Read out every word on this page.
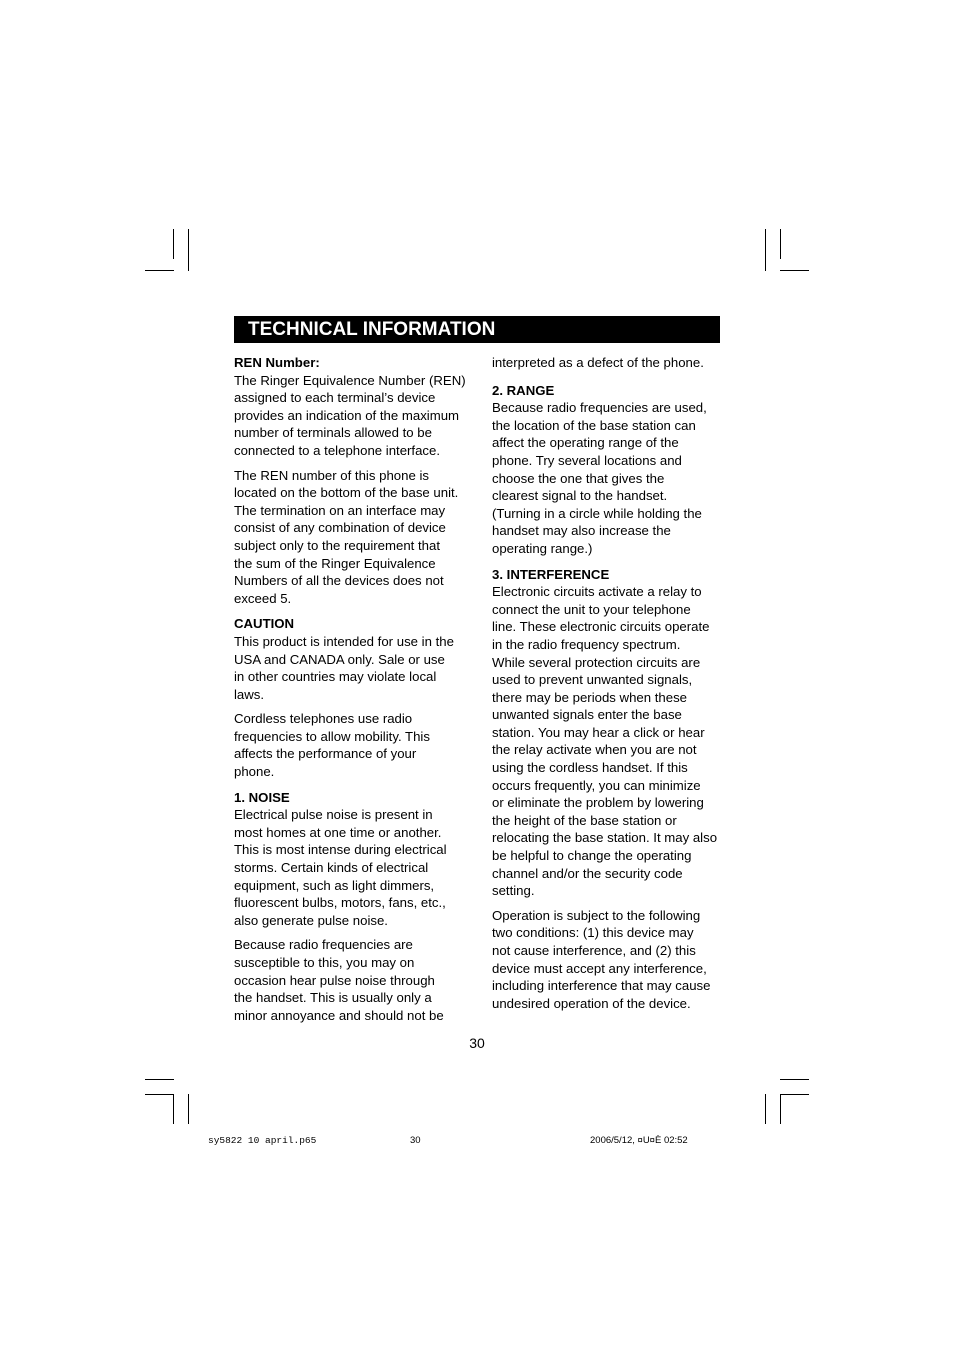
TECHNICAL INFORMATION
REN Number:

The Ringer Equivalence Number (REN)
assigned to each terminal’s device
provides an indication of the maximum
number of terminals allowed to be
connected to a telephone interface.

The REN number of this phone is
located on the bottom of the base unit.
The termination on an interface may
consist of any combination of device
subject only to the requirement that
the sum of the Ringer Equivalence
Numbers of all the devices does not
exceed 5.

CAUTION

This product is intended for use in the
USA and CANADA only. Sale or use
in other countries may violate local
laws.

Cordless telephones use radio
frequencies to allow mobility. This
affects the performance of your
phone.

1. NOISE

Electrical pulse noise is present in
most homes at one time or another.
This is most intense during electrical
storms. Certain kinds of electrical
equipment, such as light dimmers,
fluorescent bulbs, motors, fans, etc.,
also generate pulse noise.

Because radio frequencies are
susceptible to this, you may on
occasion hear pulse noise through
the handset. This is usually only a
minor annoyance and should not be

interpreted as a defect of the phone.

2. RANGE

Because radio frequencies are used,
the location of the base station can
affect the operating range of the
phone. Try several locations and
choose the one that gives the
clearest signal to the handset.
(Turning in a circle while holding the
handset may also increase the
operating range.)

3. INTERFERENCE

Electronic circuits activate a relay to
connect the unit to your telephone
line. These electronic circuits operate
in the radio frequency spectrum.
While several protection circuits are
used to prevent unwanted signals,
there may be periods when these
unwanted signals enter the base
station. You may hear a click or hear
the relay activate when you are not
using the cordless handset. If this
occurs frequently, you can minimize
or eliminate the problem by lowering
the height of the base station or
relocating the base station. It may also
be helpful to change the operating
channel and/or the security code
setting.

Operation is subject to the following
two conditions: (1) this device may
not cause interference, and (2) this
device must accept any interference,
including interference that may cause
undesired operation of the device.

30
sy5822 10 april.p65	30	2006/5/12, ¤U¤È 02:52
